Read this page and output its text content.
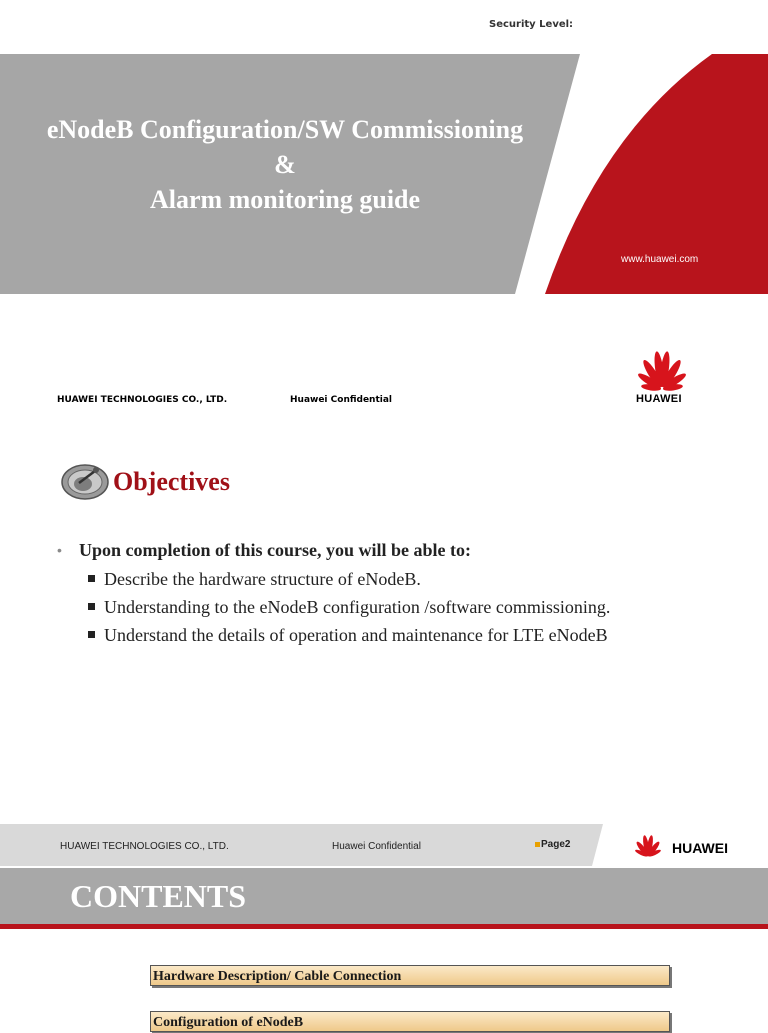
Security Level:
eNodeB Configuration/SW Commissioning
&
Alarm monitoring guide
www.huawei.com
HUAWEI TECHNOLOGIES CO., LTD.	Huawei Confidential	HUAWEI
Objectives
• Upon completion of this course, you will be able to:
Describe the hardware structure of eNodeB.
Understanding to the eNodeB configuration /software commissioning.
Understand the details of operation and maintenance for LTE eNodeB
HUAWEI TECHNOLOGIES CO., LTD.	Huawei Confidential	Page2	HUAWEI
CONTENTS
Hardware Description/ Cable Connection
Configuration of eNodeB
